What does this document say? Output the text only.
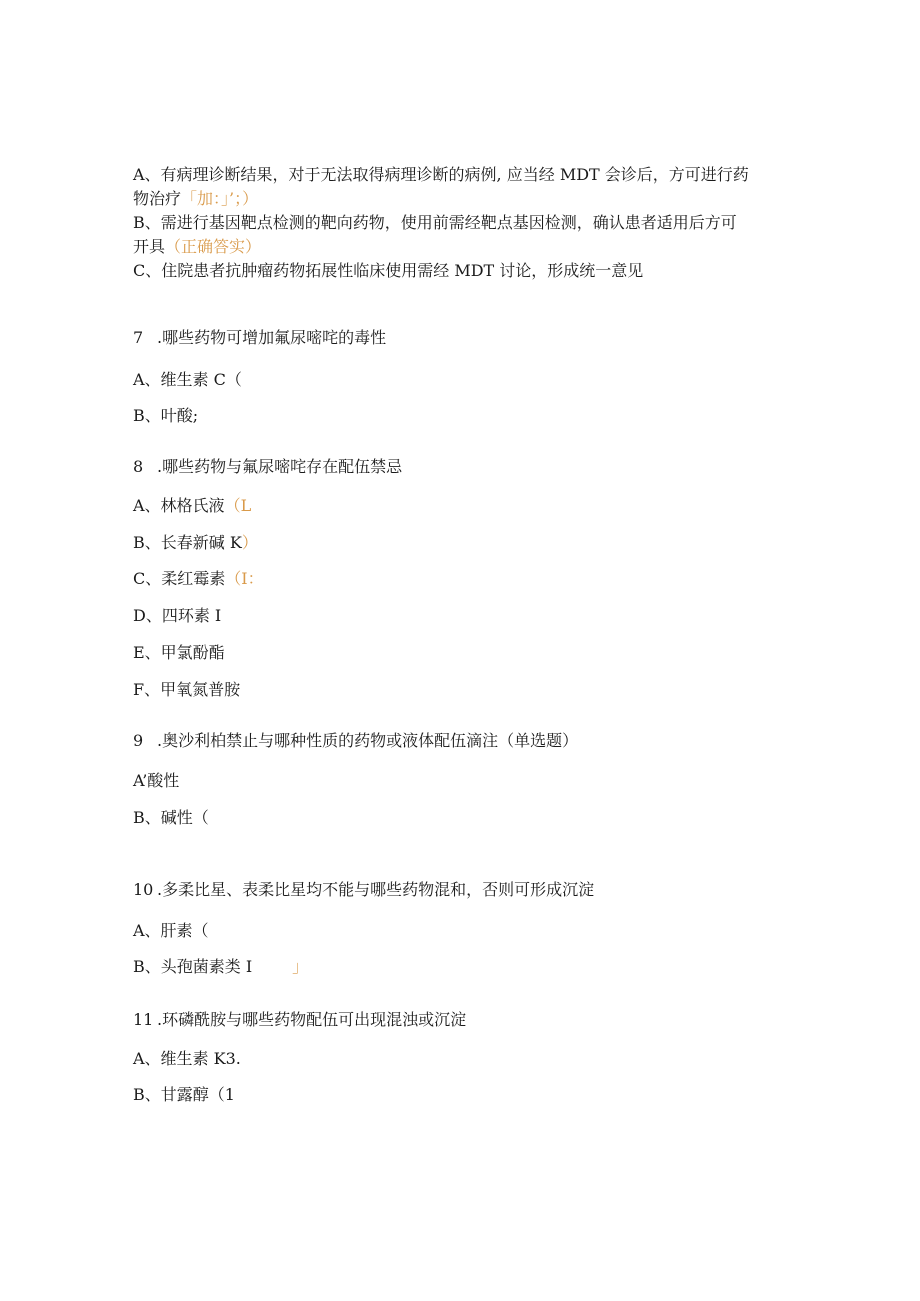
A、有病理诊断结果，对于无法取得病理诊断的病例, 应当经 MDT 会诊后，方可进行药
物治疗「加：」’；）
B、需进行基因靶点检测的靶向药物，使用前需经靶点基因检测，确认患者适用后方可
开具（正确答实）
C、住院患者抗肿瘤药物拓展性临床使用需经 MDT 讨论，形成统一意见
7 .哪些药物可增加氟尿嘧咤的毒性
A、维生素 C（
B、叶酸;
8 .哪些药物与氟尿嘧咤存在配伍禁忌
A、林格氏液（L
B、长春新碱 K）
C、柔红霉素（I：
D、四环素 I
E、甲氯酚酯
F、甲氧氮普胺
9 .奥沙利柏禁止与哪种性质的药物或液体配伍滴注（单选题）
A’酸性
B、碱性（
10 .多柔比星、表柔比星均不能与哪些药物混和，否则可形成沉淀
A、肝素（
B、头孢菌素类 I	」
11 .环磷酰胺与哪些药物配伍可出现混浊或沉淀
A、维生素 K3.
B、甘露醇（1
